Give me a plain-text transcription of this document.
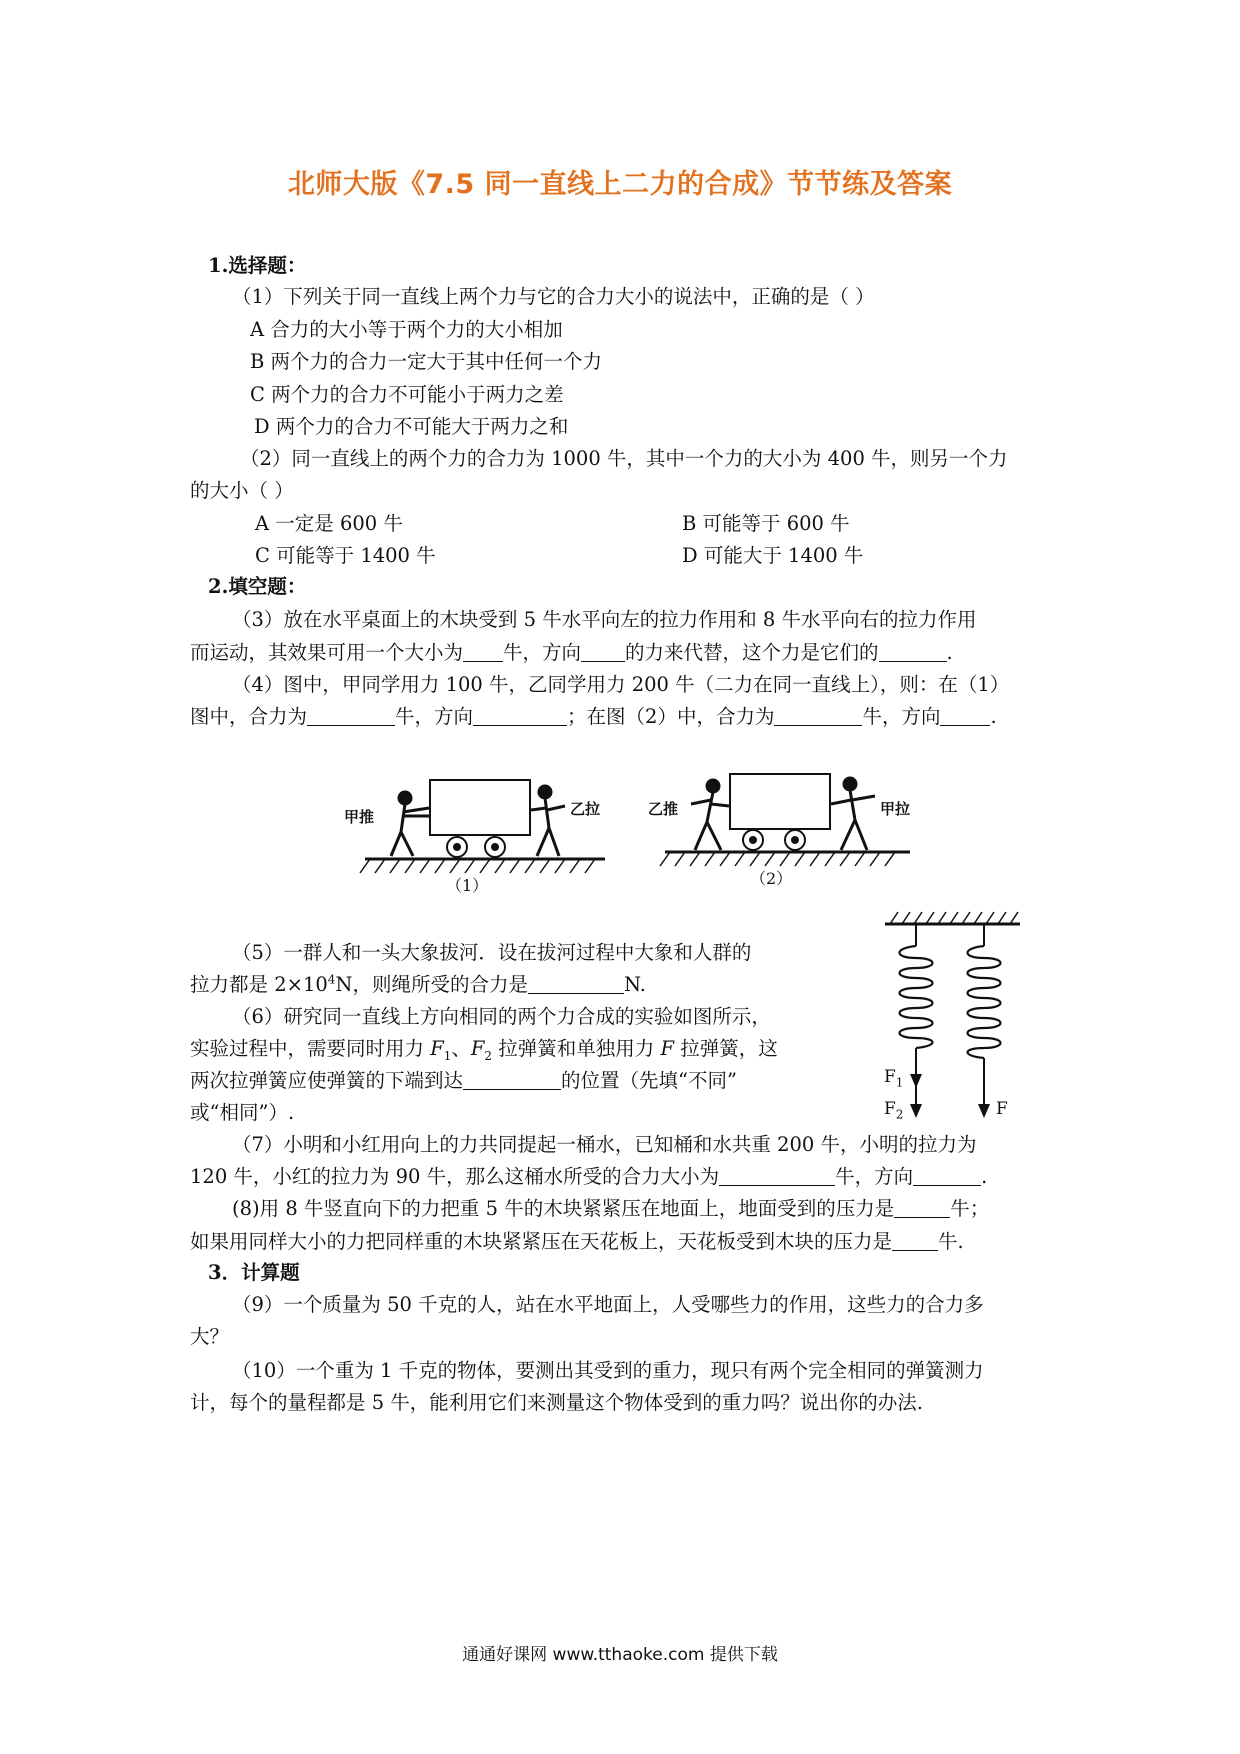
北师大版《7.5 同一直线上二力的合成》节节练及答案
1.选择题：
（1）下列关于同一直线上两个力与它的合力大小的说法中，正确的是（ ）
A 合力的大小等于两个力的大小相加
B 两个力的合力一定大于其中任何一个力
C 两个力的合力不可能小于两力之差
D 两个力的合力不可能大于两力之和
（2）同一直线上的两个力的合力为 1000 牛，其中一个力的大小为 400 牛，则另一个力
的大小（ ）
A 一定是 600 牛	B 可能等于 600 牛
C 可能等于 1400 牛	D 可能大于 1400 牛
2.填空题：
（3）放在水平桌面上的木块受到 5 牛水平向左的拉力作用和 8 牛水平向右的拉力作用
而运动，其效果可用一个大小为 牛，方向 的力来代替，这个力是它们的	.
（4）图中，甲同学用力 100 牛，乙同学用力 200 牛（二力在同一直线上），则：在（1）
图中，合力为	牛，方向	；在图（2）中，合力为	牛，方向	.
甲推	乙拉
（1）
乙推	甲拉
（2）
$F_1$
$F_2$	F
（5）一群人和一头大象拔河．设在拔河过程中大象和人群的
拉力都是 $2\times 10^4N$，则绳所受的合力是	N.
（6）研究同一直线上方向相同的两个力合成的实验如图所示，
实验过程中，需要同时用力 $F_1$、$F_2$ 拉弹簧和单独用力 F 拉弹簧，这
两次拉弹簧应使弹簧的下端到达	的位置（先填“不同”
或“相同”）.
（7）小明和小红用向上的力共同提起一桶水，已知桶和水共重 200 牛，小明的拉力为
120 牛，小红的拉力为 90 牛，那么这桶水所受的合力大小为	牛，方向	.
(8)用 8 牛竖直向下的力把重 5 牛的木块紧紧压在地面上，地面受到的压力是	牛；
如果用同样大小的力把同样重的木块紧紧压在天花板上，天花板受到木块的压力是 牛.
3．计算题
（9）一个质量为 50 千克的人，站在水平地面上，人受哪些力的作用，这些力的合力多
大？
（10）一个重为 1 千克的物体，要测出其受到的重力，现只有两个完全相同的弹簧测力
计，每个的量程都是 5 牛，能利用它们来测量这个物体受到的重力吗？说出你的办法.
通通好课网 www.tthaoke.com 提供下载
